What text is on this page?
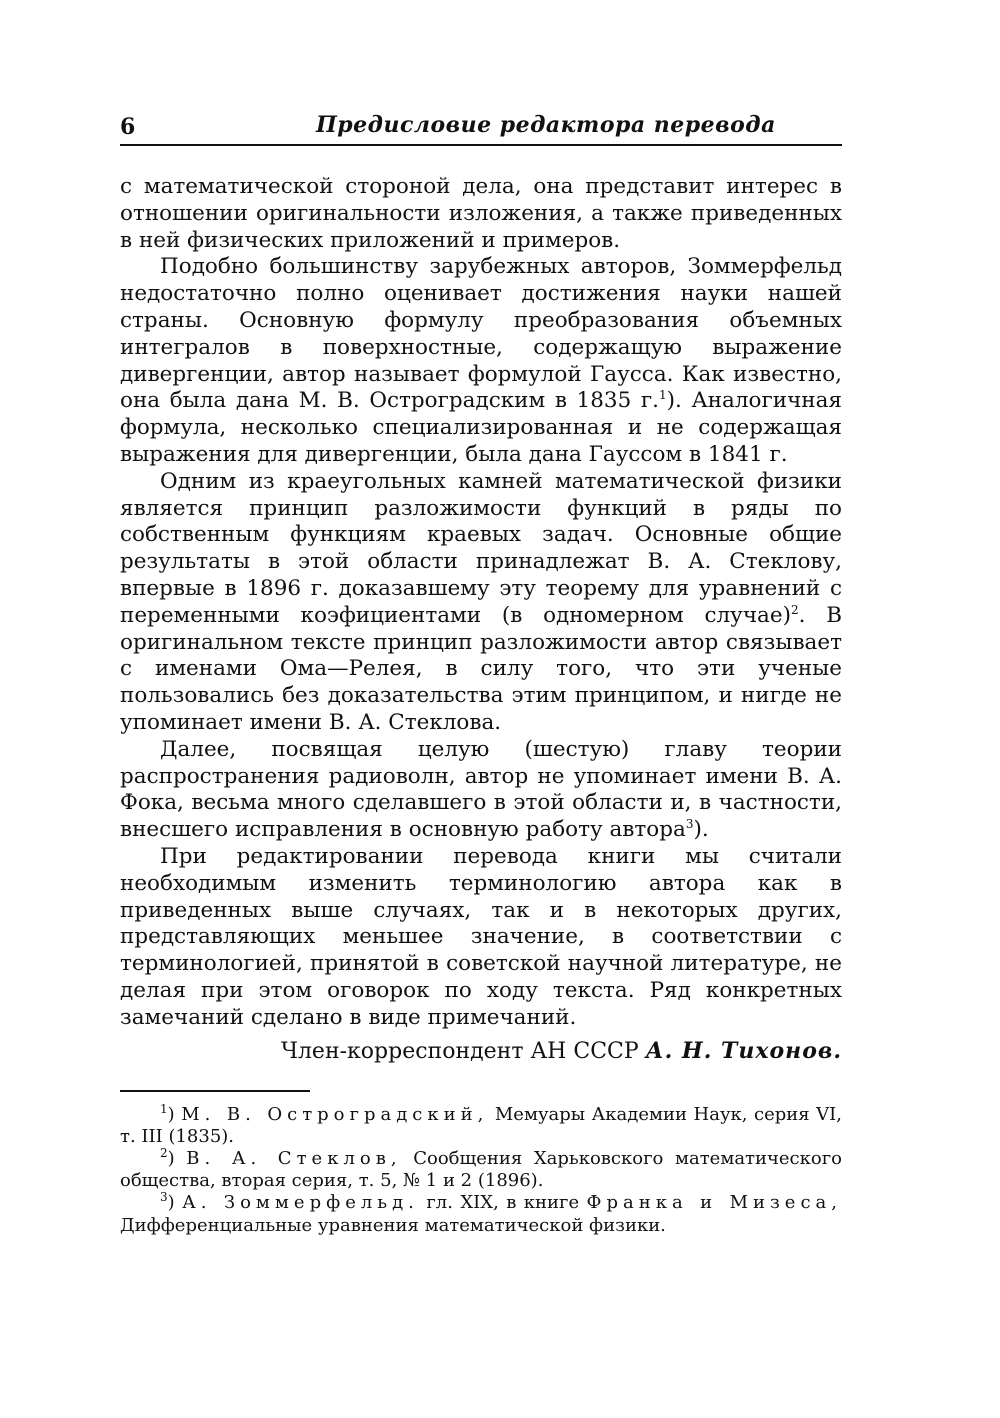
6	Предисловие редактора перевода

с математической стороной дела, она представит интерес в отношении оригинальности изложения, а также приведенных в ней физических приложений и примеров.

Подобно большинству зарубежных авторов, Зоммерфельд недостаточно полно оценивает достижения науки нашей страны. Основную формулу преобразования объемных интегралов в поверхностные, содержащую выражение дивергенции, автор называет формулой Гаусса. Как известно, она была дана М. В. Остроградским в 1835 г.$^1$). Аналогичная формула, несколько специализированная и не содержащая выражения для дивергенции, была дана Гауссом в 1841 г.

Одним из краеугольных камней математической физики является принцип разложимости функций в ряды по собственным функциям краевых задач. Основные общие результаты в этой области принадлежат В. А. Стеклову, впервые в 1896 г. доказавшему эту теорему для уравнений с переменными коэфициентами (в одномерном случае)$^2$. В оригинальном тексте принцип разложимости автор связывает с именами Ома—Релея, в силу того, что эти ученые пользовались без доказательства этим принципом, и нигде не упоминает имени В. А. Стеклова.

Далее, посвящая целую (шестую) главу теории распространения радиоволн, автор не упоминает имени В. А. Фока, весьма много сделавшего в этой области и, в частности, внесшего исправления в основную работу автора$^3$).

При редактировании перевода книги мы считали необходимым изменить терминологию автора как в приведенных выше случаях, так и в некоторых других, представляющих меньшее значение, в соответствии с терминологией, принятой в советской научной литературе, не делая при этом оговорок по ходу текста. Ряд конкретных замечаний сделано в виде примечаний.

Член-корреспондент АН СССР А. Н. Тихонов.

$^1$) М. В. Остроградский, Мемуары Академии Наук, серия VI, т. III (1835).

$^2$) В. А. Стеклов, Сообщения Харьковского математического общества, вторая серия, т. 5, № 1 и 2 (1896).

$^3$) А. Зоммерфельд. гл. XIX, в книге Франка и Мизеса, Дифференциальные уравнения математической физики.
